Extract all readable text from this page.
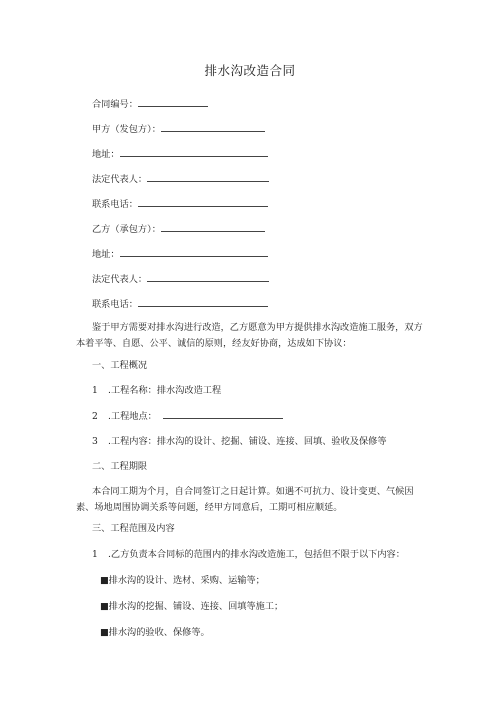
排水沟改造合同
合同编号：
甲方（发包方）：
地址：
法定代表人：
联系电话：
乙方（承包方）：
地址：
法定代表人：
联系电话：
鉴于甲方需要对排水沟进行改造，乙方愿意为甲方提供排水沟改造施工服务，双方本着平等、自愿、公平、诚信的原则，经友好协商，达成如下协议：
一、工程概况
1 .工程名称：排水沟改造工程
2 .工程地点：
3 .工程内容：排水沟的设计、挖掘、铺设、连接、回填、验收及保修等
二、工程期限
本合同工期为个月，自合同签订之日起计算。如遇不可抗力、设计变更、气候因素、场地周围协调关系等问题，经甲方同意后，工期可相应顺延。
三、工程范围及内容
1 .乙方负责本合同标的范围内的排水沟改造施工，包括但不限于以下内容：
■排水沟的设计、选材、采购、运输等；
■排水沟的挖掘、铺设、连接、回填等施工；
■排水沟的验收、保修等。
